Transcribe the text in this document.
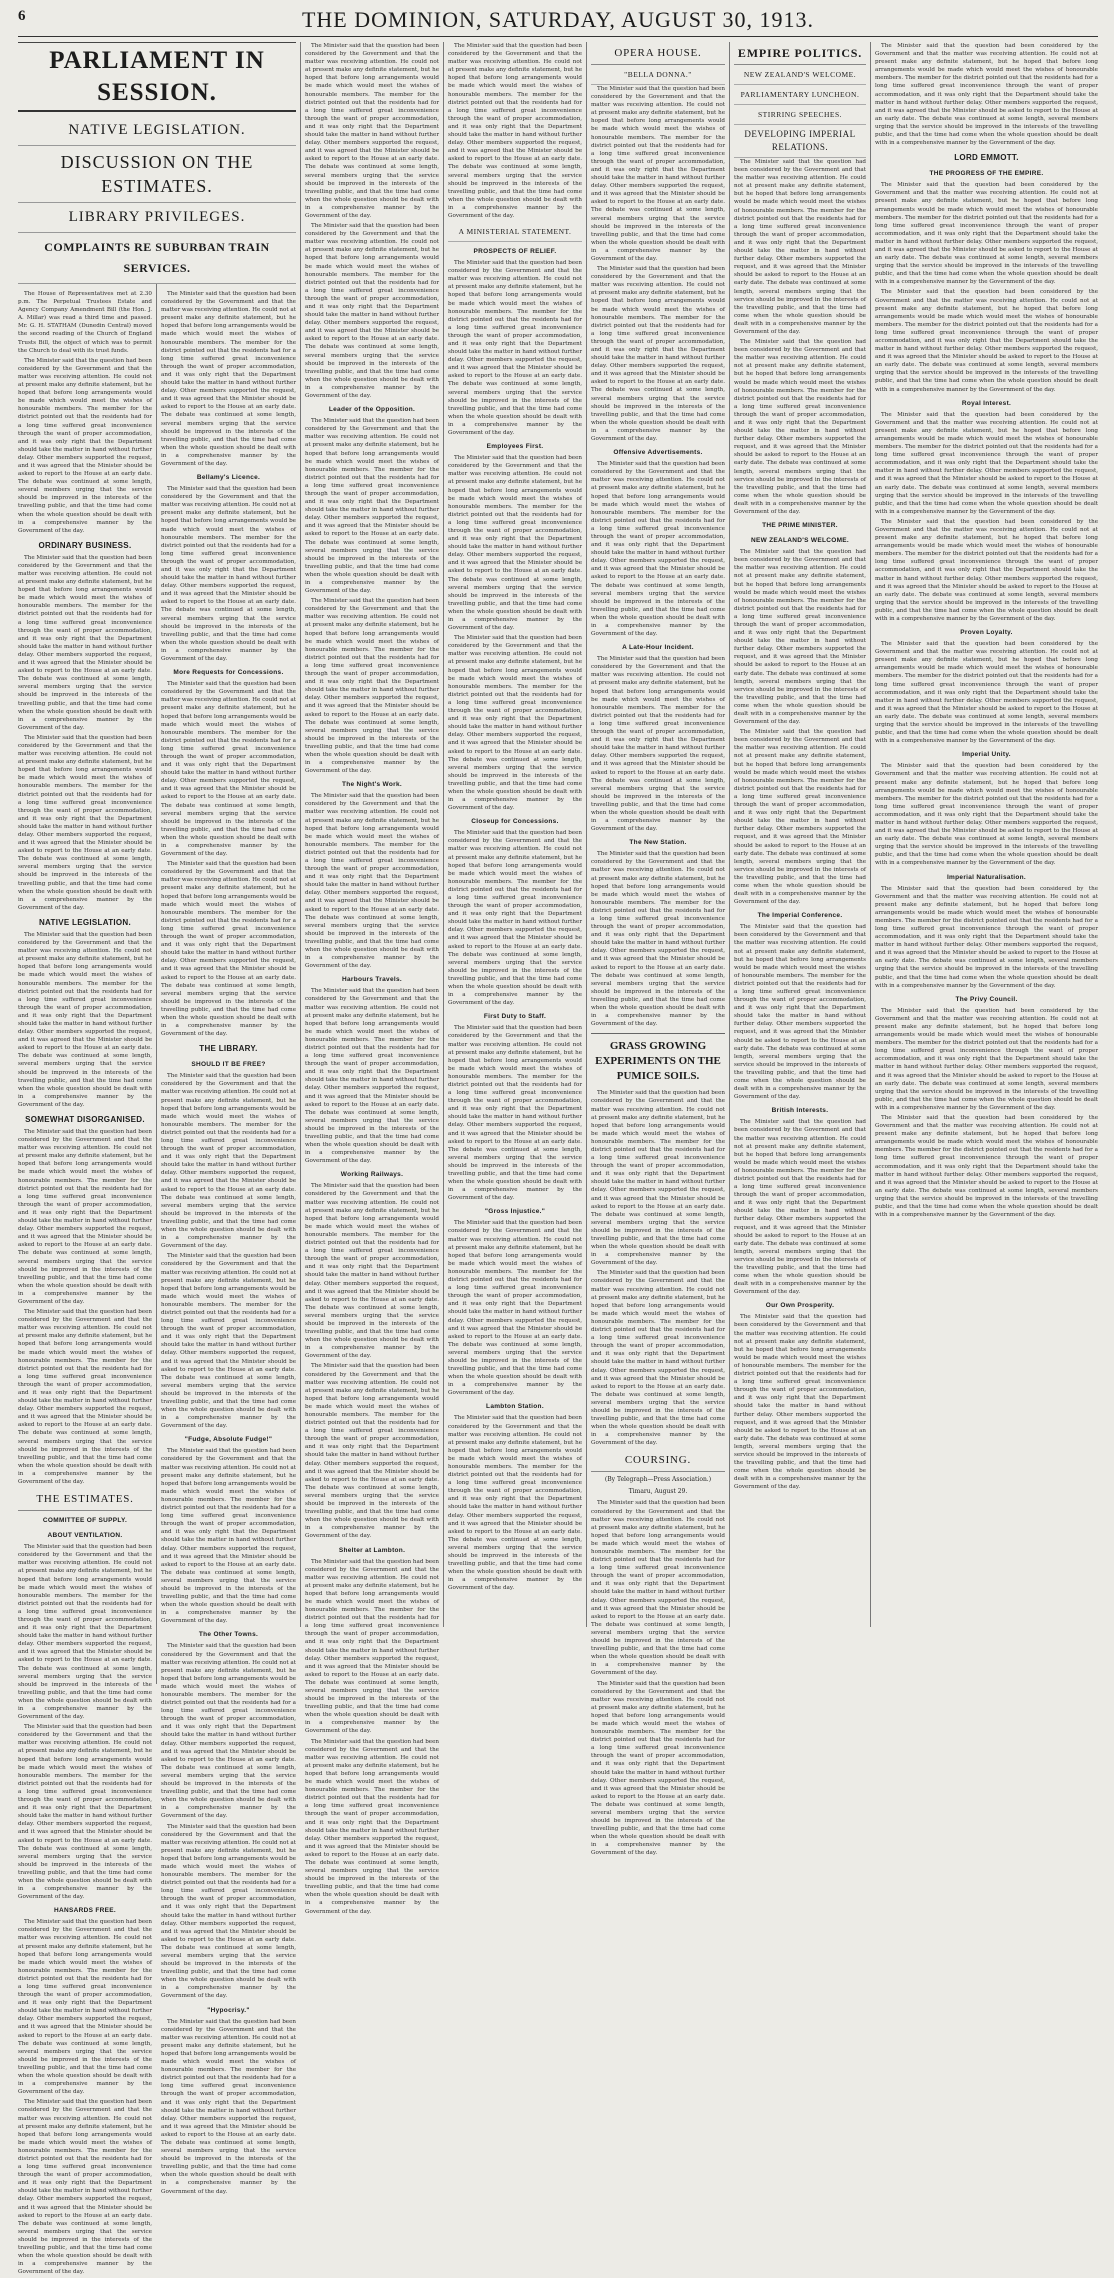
6	THE DOMINION, SATURDAY, AUGUST 30, 1913.
PARLIAMENT IN SESSION.
NATIVE LEGISLATION.
DISCUSSION ON THE ESTIMATES.
LIBRARY PRIVILEGES.
COMPLAINTS RE SUBURBAN TRAIN SERVICES.

The House of Representatives met at 2.30 p.m. The Perpetual Trustees Estate and Agency Company Amendment Bill (the Hon. J. A. Millar) was read a third time and passed. Mr. G. H. STATHAM (Dunedin Central) moved the second reading of the Church of England Trusts Bill, the object of which was to permit the Church to deal with its trust funds.

The Minister said that the question had been considered by the Government and that the matter was receiving attention. He could not at present make any definite statement, but he hoped that before long arrangements would be made which would meet the wishes of honourable members. The member for the district pointed out that the residents had for a long time suffered great inconvenience through the want of proper accommodation, and it was only right that the Department should take the matter in hand without further delay. Other members supported the request, and it was agreed that the Minister should be asked to report to the House at an early date. The debate was continued at some length, several members urging that the service should be improved in the interests of the travelling public, and that the time had come when the whole question should be dealt with in a comprehensive manner by the Government of the day.

ORDINARY BUSINESS.

The Minister said that the question had been considered by the Government and that the matter was receiving attention. He could not at present make any definite statement, but he hoped that before long arrangements would be made which would meet the wishes of honourable members. The member for the district pointed out that the residents had for a long time suffered great inconvenience through the want of proper accommodation, and it was only right that the Department should take the matter in hand without further delay. Other members supported the request, and it was agreed that the Minister should be asked to report to the House at an early date. The debate was continued at some length, several members urging that the service should be improved in the interests of the travelling public, and that the time had come when the whole question should be dealt with in a comprehensive manner by the Government of the day.

The Minister said that the question had been considered by the Government and that the matter was receiving attention. He could not at present make any definite statement, but he hoped that before long arrangements would be made which would meet the wishes of honourable members. The member for the district pointed out that the residents had for a long time suffered great inconvenience through the want of proper accommodation, and it was only right that the Department should take the matter in hand without further delay. Other members supported the request, and it was agreed that the Minister should be asked to report to the House at an early date. The debate was continued at some length, several members urging that the service should be improved in the interests of the travelling public, and that the time had come when the whole question should be dealt with in a comprehensive manner by the Government of the day.

NATIVE LEGISLATION.

The Minister said that the question had been considered by the Government and that the matter was receiving attention. He could not at present make any definite statement, but he hoped that before long arrangements would be made which would meet the wishes of honourable members. The member for the district pointed out that the residents had for a long time suffered great inconvenience through the want of proper accommodation, and it was only right that the Department should take the matter in hand without further delay. Other members supported the request, and it was agreed that the Minister should be asked to report to the House at an early date. The debate was continued at some length, several members urging that the service should be improved in the interests of the travelling public, and that the time had come when the whole question should be dealt with in a comprehensive manner by the Government of the day.

SOMEWHAT DISORGANISED.

The Minister said that the question had been considered by the Government and that the matter was receiving attention. He could not at present make any definite statement, but he hoped that before long arrangements would be made which would meet the wishes of honourable members. The member for the district pointed out that the residents had for a long time suffered great inconvenience through the want of proper accommodation, and it was only right that the Department should take the matter in hand without further delay. Other members supported the request, and it was agreed that the Minister should be asked to report to the House at an early date. The debate was continued at some length, several members urging that the service should be improved in the interests of the travelling public, and that the time had come when the whole question should be dealt with in a comprehensive manner by the Government of the day.

The Minister said that the question had been considered by the Government and that the matter was receiving attention. He could not at present make any definite statement, but he hoped that before long arrangements would be made which would meet the wishes of honourable members. The member for the district pointed out that the residents had for a long time suffered great inconvenience through the want of proper accommodation, and it was only right that the Department should take the matter in hand without further delay. Other members supported the request, and it was agreed that the Minister should be asked to report to the House at an early date. The debate was continued at some length, several members urging that the service should be improved in the interests of the travelling public, and that the time had come when the whole question should be dealt with in a comprehensive manner by the Government of the day.

THE ESTIMATES.
COMMITTEE OF SUPPLY.
ABOUT VENTILATION.

The Minister said that the question had been considered by the Government and that the matter was receiving attention. He could not at present make any definite statement, but he hoped that before long arrangements would be made which would meet the wishes of honourable members. The member for the district pointed out that the residents had for a long time suffered great inconvenience through the want of proper accommodation, and it was only right that the Department should take the matter in hand without further delay. Other members supported the request, and it was agreed that the Minister should be asked to report to the House at an early date. The debate was continued at some length, several members urging that the service should be improved in the interests of the travelling public, and that the time had come when the whole question should be dealt with in a comprehensive manner by the Government of the day.

The Minister said that the question had been considered by the Government and that the matter was receiving attention. He could not at present make any definite statement, but he hoped that before long arrangements would be made which would meet the wishes of honourable members. The member for the district pointed out that the residents had for a long time suffered great inconvenience through the want of proper accommodation, and it was only right that the Department should take the matter in hand without further delay. Other members supported the request, and it was agreed that the Minister should be asked to report to the House at an early date. The debate was continued at some length, several members urging that the service should be improved in the interests of the travelling public, and that the time had come when the whole question should be dealt with in a comprehensive manner by the Government of the day.

HANSARDS FREE.

The Minister said that the question had been considered by the Government and that the matter was receiving attention. He could not at present make any definite statement, but he hoped that before long arrangements would be made which would meet the wishes of honourable members. The member for the district pointed out that the residents had for a long time suffered great inconvenience through the want of proper accommodation, and it was only right that the Department should take the matter in hand without further delay. Other members supported the request, and it was agreed that the Minister should be asked to report to the House at an early date. The debate was continued at some length, several members urging that the service should be improved in the interests of the travelling public, and that the time had come when the whole question should be dealt with in a comprehensive manner by the Government of the day.

The Minister said that the question had been considered by the Government and that the matter was receiving attention. He could not at present make any definite statement, but he hoped that before long arrangements would be made which would meet the wishes of honourable members. The member for the district pointed out that the residents had for a long time suffered great inconvenience through the want of proper accommodation, and it was only right that the Department should take the matter in hand without further delay. Other members supported the request, and it was agreed that the Minister should be asked to report to the House at an early date. The debate was continued at some length, several members urging that the service should be improved in the interests of the travelling public, and that the time had come when the whole question should be dealt with in a comprehensive manner by the Government of the day.

The Minister said that the question had been considered by the Government and that the matter was receiving attention. He could not at present make any definite statement, but he hoped that before long arrangements would be made which would meet the wishes of honourable members. The member for the district pointed out that the residents had for a long time suffered great inconvenience through the want of proper accommodation, and it was only right that the Department should take the matter in hand without further delay. Other members supported the request, and it was agreed that the Minister should be asked to report to the House at an early date. The debate was continued at some length, several members urging that the service should be improved in the interests of the travelling public, and that the time had come when the whole question should be dealt with in a comprehensive manner by the Government of the day.

Bellamy's Licence.

The Minister said that the question had been considered by the Government and that the matter was receiving attention. He could not at present make any definite statement, but he hoped that before long arrangements would be made which would meet the wishes of honourable members. The member for the district pointed out that the residents had for a long time suffered great inconvenience through the want of proper accommodation, and it was only right that the Department should take the matter in hand without further delay. Other members supported the request, and it was agreed that the Minister should be asked to report to the House at an early date. The debate was continued at some length, several members urging that the service should be improved in the interests of the travelling public, and that the time had come when the whole question should be dealt with in a comprehensive manner by the Government of the day.

More Requests for Concessions.

The Minister said that the question had been considered by the Government and that the matter was receiving attention. He could not at present make any definite statement, but he hoped that before long arrangements would be made which would meet the wishes of honourable members. The member for the district pointed out that the residents had for a long time suffered great inconvenience through the want of proper accommodation, and it was only right that the Department should take the matter in hand without further delay. Other members supported the request, and it was agreed that the Minister should be asked to report to the House at an early date. The debate was continued at some length, several members urging that the service should be improved in the interests of the travelling public, and that the time had come when the whole question should be dealt with in a comprehensive manner by the Government of the day.

The Minister said that the question had been considered by the Government and that the matter was receiving attention. He could not at present make any definite statement, but he hoped that before long arrangements would be made which would meet the wishes of honourable members. The member for the district pointed out that the residents had for a long time suffered great inconvenience through the want of proper accommodation, and it was only right that the Department should take the matter in hand without further delay. Other members supported the request, and it was agreed that the Minister should be asked to report to the House at an early date. The debate was continued at some length, several members urging that the service should be improved in the interests of the travelling public, and that the time had come when the whole question should be dealt with in a comprehensive manner by the Government of the day.

THE LIBRARY.
SHOULD IT BE FREE?

The Minister said that the question had been considered by the Government and that the matter was receiving attention. He could not at present make any definite statement, but he hoped that before long arrangements would be made which would meet the wishes of honourable members. The member for the district pointed out that the residents had for a long time suffered great inconvenience through the want of proper accommodation, and it was only right that the Department should take the matter in hand without further delay. Other members supported the request, and it was agreed that the Minister should be asked to report to the House at an early date. The debate was continued at some length, several members urging that the service should be improved in the interests of the travelling public, and that the time had come when the whole question should be dealt with in a comprehensive manner by the Government of the day.

The Minister said that the question had been considered by the Government and that the matter was receiving attention. He could not at present make any definite statement, but he hoped that before long arrangements would be made which would meet the wishes of honourable members. The member for the district pointed out that the residents had for a long time suffered great inconvenience through the want of proper accommodation, and it was only right that the Department should take the matter in hand without further delay. Other members supported the request, and it was agreed that the Minister should be asked to report to the House at an early date. The debate was continued at some length, several members urging that the service should be improved in the interests of the travelling public, and that the time had come when the whole question should be dealt with in a comprehensive manner by the Government of the day.

"Fudge, Absolute Fudge!"

The Minister said that the question had been considered by the Government and that the matter was receiving attention. He could not at present make any definite statement, but he hoped that before long arrangements would be made which would meet the wishes of honourable members. The member for the district pointed out that the residents had for a long time suffered great inconvenience through the want of proper accommodation, and it was only right that the Department should take the matter in hand without further delay. Other members supported the request, and it was agreed that the Minister should be asked to report to the House at an early date. The debate was continued at some length, several members urging that the service should be improved in the interests of the travelling public, and that the time had come when the whole question should be dealt with in a comprehensive manner by the Government of the day.

The Other Towns.

The Minister said that the question had been considered by the Government and that the matter was receiving attention. He could not at present make any definite statement, but he hoped that before long arrangements would be made which would meet the wishes of honourable members. The member for the district pointed out that the residents had for a long time suffered great inconvenience through the want of proper accommodation, and it was only right that the Department should take the matter in hand without further delay. Other members supported the request, and it was agreed that the Minister should be asked to report to the House at an early date. The debate was continued at some length, several members urging that the service should be improved in the interests of the travelling public, and that the time had come when the whole question should be dealt with in a comprehensive manner by the Government of the day.

The Minister said that the question had been considered by the Government and that the matter was receiving attention. He could not at present make any definite statement, but he hoped that before long arrangements would be made which would meet the wishes of honourable members. The member for the district pointed out that the residents had for a long time suffered great inconvenience through the want of proper accommodation, and it was only right that the Department should take the matter in hand without further delay. Other members supported the request, and it was agreed that the Minister should be asked to report to the House at an early date. The debate was continued at some length, several members urging that the service should be improved in the interests of the travelling public, and that the time had come when the whole question should be dealt with in a comprehensive manner by the Government of the day.

"Hypocrisy."

The Minister said that the question had been considered by the Government and that the matter was receiving attention. He could not at present make any definite statement, but he hoped that before long arrangements would be made which would meet the wishes of honourable members. The member for the district pointed out that the residents had for a long time suffered great inconvenience through the want of proper accommodation, and it was only right that the Department should take the matter in hand without further delay. Other members supported the request, and it was agreed that the Minister should be asked to report to the House at an early date. The debate was continued at some length, several members urging that the service should be improved in the interests of the travelling public, and that the time had come when the whole question should be dealt with in a comprehensive manner by the Government of the day.

The Minister said that the question had been considered by the Government and that the matter was receiving attention. He could not at present make any definite statement, but he hoped that before long arrangements would be made which would meet the wishes of honourable members. The member for the district pointed out that the residents had for a long time suffered great inconvenience through the want of proper accommodation, and it was only right that the Department should take the matter in hand without further delay. Other members supported the request, and it was agreed that the Minister should be asked to report to the House at an early date. The debate was continued at some length, several members urging that the service should be improved in the interests of the travelling public, and that the time had come when the whole question should be dealt with in a comprehensive manner by the Government of the day.

The Minister said that the question had been considered by the Government and that the matter was receiving attention. He could not at present make any definite statement, but he hoped that before long arrangements would be made which would meet the wishes of honourable members. The member for the district pointed out that the residents had for a long time suffered great inconvenience through the want of proper accommodation, and it was only right that the Department should take the matter in hand without further delay. Other members supported the request, and it was agreed that the Minister should be asked to report to the House at an early date. The debate was continued at some length, several members urging that the service should be improved in the interests of the travelling public, and that the time had come when the whole question should be dealt with in a comprehensive manner by the Government of the day.

Leader of the Opposition.

The Minister said that the question had been considered by the Government and that the matter was receiving attention. He could not at present make any definite statement, but he hoped that before long arrangements would be made which would meet the wishes of honourable members. The member for the district pointed out that the residents had for a long time suffered great inconvenience through the want of proper accommodation, and it was only right that the Department should take the matter in hand without further delay. Other members supported the request, and it was agreed that the Minister should be asked to report to the House at an early date. The debate was continued at some length, several members urging that the service should be improved in the interests of the travelling public, and that the time had come when the whole question should be dealt with in a comprehensive manner by the Government of the day.

The Minister said that the question had been considered by the Government and that the matter was receiving attention. He could not at present make any definite statement, but he hoped that before long arrangements would be made which would meet the wishes of honourable members. The member for the district pointed out that the residents had for a long time suffered great inconvenience through the want of proper accommodation, and it was only right that the Department should take the matter in hand without further delay. Other members supported the request, and it was agreed that the Minister should be asked to report to the House at an early date. The debate was continued at some length, several members urging that the service should be improved in the interests of the travelling public, and that the time had come when the whole question should be dealt with in a comprehensive manner by the Government of the day.

The Night's Work.

The Minister said that the question had been considered by the Government and that the matter was receiving attention. He could not at present make any definite statement, but he hoped that before long arrangements would be made which would meet the wishes of honourable members. The member for the district pointed out that the residents had for a long time suffered great inconvenience through the want of proper accommodation, and it was only right that the Department should take the matter in hand without further delay. Other members supported the request, and it was agreed that the Minister should be asked to report to the House at an early date. The debate was continued at some length, several members urging that the service should be improved in the interests of the travelling public, and that the time had come when the whole question should be dealt with in a comprehensive manner by the Government of the day.

Harbours Travels.

The Minister said that the question had been considered by the Government and that the matter was receiving attention. He could not at present make any definite statement, but he hoped that before long arrangements would be made which would meet the wishes of honourable members. The member for the district pointed out that the residents had for a long time suffered great inconvenience through the want of proper accommodation, and it was only right that the Department should take the matter in hand without further delay. Other members supported the request, and it was agreed that the Minister should be asked to report to the House at an early date. The debate was continued at some length, several members urging that the service should be improved in the interests of the travelling public, and that the time had come when the whole question should be dealt with in a comprehensive manner by the Government of the day.

Working Railways.

The Minister said that the question had been considered by the Government and that the matter was receiving attention. He could not at present make any definite statement, but he hoped that before long arrangements would be made which would meet the wishes of honourable members. The member for the district pointed out that the residents had for a long time suffered great inconvenience through the want of proper accommodation, and it was only right that the Department should take the matter in hand without further delay. Other members supported the request, and it was agreed that the Minister should be asked to report to the House at an early date. The debate was continued at some length, several members urging that the service should be improved in the interests of the travelling public, and that the time had come when the whole question should be dealt with in a comprehensive manner by the Government of the day.

The Minister said that the question had been considered by the Government and that the matter was receiving attention. He could not at present make any definite statement, but he hoped that before long arrangements would be made which would meet the wishes of honourable members. The member for the district pointed out that the residents had for a long time suffered great inconvenience through the want of proper accommodation, and it was only right that the Department should take the matter in hand without further delay. Other members supported the request, and it was agreed that the Minister should be asked to report to the House at an early date. The debate was continued at some length, several members urging that the service should be improved in the interests of the travelling public, and that the time had come when the whole question should be dealt with in a comprehensive manner by the Government of the day.

Shelter at Lambton.

The Minister said that the question had been considered by the Government and that the matter was receiving attention. He could not at present make any definite statement, but he hoped that before long arrangements would be made which would meet the wishes of honourable members. The member for the district pointed out that the residents had for a long time suffered great inconvenience through the want of proper accommodation, and it was only right that the Department should take the matter in hand without further delay. Other members supported the request, and it was agreed that the Minister should be asked to report to the House at an early date. The debate was continued at some length, several members urging that the service should be improved in the interests of the travelling public, and that the time had come when the whole question should be dealt with in a comprehensive manner by the Government of the day.

The Minister said that the question had been considered by the Government and that the matter was receiving attention. He could not at present make any definite statement, but he hoped that before long arrangements would be made which would meet the wishes of honourable members. The member for the district pointed out that the residents had for a long time suffered great inconvenience through the want of proper accommodation, and it was only right that the Department should take the matter in hand without further delay. Other members supported the request, and it was agreed that the Minister should be asked to report to the House at an early date. The debate was continued at some length, several members urging that the service should be improved in the interests of the travelling public, and that the time had come when the whole question should be dealt with in a comprehensive manner by the Government of the day.

The Minister said that the question had been considered by the Government and that the matter was receiving attention. He could not at present make any definite statement, but he hoped that before long arrangements would be made which would meet the wishes of honourable members. The member for the district pointed out that the residents had for a long time suffered great inconvenience through the want of proper accommodation, and it was only right that the Department should take the matter in hand without further delay. Other members supported the request, and it was agreed that the Minister should be asked to report to the House at an early date. The debate was continued at some length, several members urging that the service should be improved in the interests of the travelling public, and that the time had come when the whole question should be dealt with in a comprehensive manner by the Government of the day.

A MINISTERIAL STATEMENT.
PROSPECTS OF RELIEF.

The Minister said that the question had been considered by the Government and that the matter was receiving attention. He could not at present make any definite statement, but he hoped that before long arrangements would be made which would meet the wishes of honourable members. The member for the district pointed out that the residents had for a long time suffered great inconvenience through the want of proper accommodation, and it was only right that the Department should take the matter in hand without further delay. Other members supported the request, and it was agreed that the Minister should be asked to report to the House at an early date. The debate was continued at some length, several members urging that the service should be improved in the interests of the travelling public, and that the time had come when the whole question should be dealt with in a comprehensive manner by the Government of the day.

Employees First.

The Minister said that the question had been considered by the Government and that the matter was receiving attention. He could not at present make any definite statement, but he hoped that before long arrangements would be made which would meet the wishes of honourable members. The member for the district pointed out that the residents had for a long time suffered great inconvenience through the want of proper accommodation, and it was only right that the Department should take the matter in hand without further delay. Other members supported the request, and it was agreed that the Minister should be asked to report to the House at an early date. The debate was continued at some length, several members urging that the service should be improved in the interests of the travelling public, and that the time had come when the whole question should be dealt with in a comprehensive manner by the Government of the day.

The Minister said that the question had been considered by the Government and that the matter was receiving attention. He could not at present make any definite statement, but he hoped that before long arrangements would be made which would meet the wishes of honourable members. The member for the district pointed out that the residents had for a long time suffered great inconvenience through the want of proper accommodation, and it was only right that the Department should take the matter in hand without further delay. Other members supported the request, and it was agreed that the Minister should be asked to report to the House at an early date. The debate was continued at some length, several members urging that the service should be improved in the interests of the travelling public, and that the time had come when the whole question should be dealt with in a comprehensive manner by the Government of the day.

Closeup for Concessions.

The Minister said that the question had been considered by the Government and that the matter was receiving attention. He could not at present make any definite statement, but he hoped that before long arrangements would be made which would meet the wishes of honourable members. The member for the district pointed out that the residents had for a long time suffered great inconvenience through the want of proper accommodation, and it was only right that the Department should take the matter in hand without further delay. Other members supported the request, and it was agreed that the Minister should be asked to report to the House at an early date. The debate was continued at some length, several members urging that the service should be improved in the interests of the travelling public, and that the time had come when the whole question should be dealt with in a comprehensive manner by the Government of the day.

First Duty to Staff.

The Minister said that the question had been considered by the Government and that the matter was receiving attention. He could not at present make any definite statement, but he hoped that before long arrangements would be made which would meet the wishes of honourable members. The member for the district pointed out that the residents had for a long time suffered great inconvenience through the want of proper accommodation, and it was only right that the Department should take the matter in hand without further delay. Other members supported the request, and it was agreed that the Minister should be asked to report to the House at an early date. The debate was continued at some length, several members urging that the service should be improved in the interests of the travelling public, and that the time had come when the whole question should be dealt with in a comprehensive manner by the Government of the day.

"Gross Injustice."

The Minister said that the question had been considered by the Government and that the matter was receiving attention. He could not at present make any definite statement, but he hoped that before long arrangements would be made which would meet the wishes of honourable members. The member for the district pointed out that the residents had for a long time suffered great inconvenience through the want of proper accommodation, and it was only right that the Department should take the matter in hand without further delay. Other members supported the request, and it was agreed that the Minister should be asked to report to the House at an early date. The debate was continued at some length, several members urging that the service should be improved in the interests of the travelling public, and that the time had come when the whole question should be dealt with in a comprehensive manner by the Government of the day.

Lambton Station.

The Minister said that the question had been considered by the Government and that the matter was receiving attention. He could not at present make any definite statement, but he hoped that before long arrangements would be made which would meet the wishes of honourable members. The member for the district pointed out that the residents had for a long time suffered great inconvenience through the want of proper accommodation, and it was only right that the Department should take the matter in hand without further delay. Other members supported the request, and it was agreed that the Minister should be asked to report to the House at an early date. The debate was continued at some length, several members urging that the service should be improved in the interests of the travelling public, and that the time had come when the whole question should be dealt with in a comprehensive manner by the Government of the day.

OPERA HOUSE.
"BELLA DONNA."

The Minister said that the question had been considered by the Government and that the matter was receiving attention. He could not at present make any definite statement, but he hoped that before long arrangements would be made which would meet the wishes of honourable members. The member for the district pointed out that the residents had for a long time suffered great inconvenience through the want of proper accommodation, and it was only right that the Department should take the matter in hand without further delay. Other members supported the request, and it was agreed that the Minister should be asked to report to the House at an early date. The debate was continued at some length, several members urging that the service should be improved in the interests of the travelling public, and that the time had come when the whole question should be dealt with in a comprehensive manner by the Government of the day.

The Minister said that the question had been considered by the Government and that the matter was receiving attention. He could not at present make any definite statement, but he hoped that before long arrangements would be made which would meet the wishes of honourable members. The member for the district pointed out that the residents had for a long time suffered great inconvenience through the want of proper accommodation, and it was only right that the Department should take the matter in hand without further delay. Other members supported the request, and it was agreed that the Minister should be asked to report to the House at an early date. The debate was continued at some length, several members urging that the service should be improved in the interests of the travelling public, and that the time had come when the whole question should be dealt with in a comprehensive manner by the Government of the day.

Offensive Advertisements.

The Minister said that the question had been considered by the Government and that the matter was receiving attention. He could not at present make any definite statement, but he hoped that before long arrangements would be made which would meet the wishes of honourable members. The member for the district pointed out that the residents had for a long time suffered great inconvenience through the want of proper accommodation, and it was only right that the Department should take the matter in hand without further delay. Other members supported the request, and it was agreed that the Minister should be asked to report to the House at an early date. The debate was continued at some length, several members urging that the service should be improved in the interests of the travelling public, and that the time had come when the whole question should be dealt with in a comprehensive manner by the Government of the day.

A Late-Hour Incident.

The Minister said that the question had been considered by the Government and that the matter was receiving attention. He could not at present make any definite statement, but he hoped that before long arrangements would be made which would meet the wishes of honourable members. The member for the district pointed out that the residents had for a long time suffered great inconvenience through the want of proper accommodation, and it was only right that the Department should take the matter in hand without further delay. Other members supported the request, and it was agreed that the Minister should be asked to report to the House at an early date. The debate was continued at some length, several members urging that the service should be improved in the interests of the travelling public, and that the time had come when the whole question should be dealt with in a comprehensive manner by the Government of the day.

The New Station.

The Minister said that the question had been considered by the Government and that the matter was receiving attention. He could not at present make any definite statement, but he hoped that before long arrangements would be made which would meet the wishes of honourable members. The member for the district pointed out that the residents had for a long time suffered great inconvenience through the want of proper accommodation, and it was only right that the Department should take the matter in hand without further delay. Other members supported the request, and it was agreed that the Minister should be asked to report to the House at an early date. The debate was continued at some length, several members urging that the service should be improved in the interests of the travelling public, and that the time had come when the whole question should be dealt with in a comprehensive manner by the Government of the day.

GRASS GROWING EXPERIMENTS ON THE PUMICE SOILS.

The Minister said that the question had been considered by the Government and that the matter was receiving attention. He could not at present make any definite statement, but he hoped that before long arrangements would be made which would meet the wishes of honourable members. The member for the district pointed out that the residents had for a long time suffered great inconvenience through the want of proper accommodation, and it was only right that the Department should take the matter in hand without further delay. Other members supported the request, and it was agreed that the Minister should be asked to report to the House at an early date. The debate was continued at some length, several members urging that the service should be improved in the interests of the travelling public, and that the time had come when the whole question should be dealt with in a comprehensive manner by the Government of the day.

The Minister said that the question had been considered by the Government and that the matter was receiving attention. He could not at present make any definite statement, but he hoped that before long arrangements would be made which would meet the wishes of honourable members. The member for the district pointed out that the residents had for a long time suffered great inconvenience through the want of proper accommodation, and it was only right that the Department should take the matter in hand without further delay. Other members supported the request, and it was agreed that the Minister should be asked to report to the House at an early date. The debate was continued at some length, several members urging that the service should be improved in the interests of the travelling public, and that the time had come when the whole question should be dealt with in a comprehensive manner by the Government of the day.

COURSING.
(By Telegraph—Press Association.)
Timaru, August 29.

The Minister said that the question had been considered by the Government and that the matter was receiving attention. He could not at present make any definite statement, but he hoped that before long arrangements would be made which would meet the wishes of honourable members. The member for the district pointed out that the residents had for a long time suffered great inconvenience through the want of proper accommodation, and it was only right that the Department should take the matter in hand without further delay. Other members supported the request, and it was agreed that the Minister should be asked to report to the House at an early date. The debate was continued at some length, several members urging that the service should be improved in the interests of the travelling public, and that the time had come when the whole question should be dealt with in a comprehensive manner by the Government of the day.

The Minister said that the question had been considered by the Government and that the matter was receiving attention. He could not at present make any definite statement, but he hoped that before long arrangements would be made which would meet the wishes of honourable members. The member for the district pointed out that the residents had for a long time suffered great inconvenience through the want of proper accommodation, and it was only right that the Department should take the matter in hand without further delay. Other members supported the request, and it was agreed that the Minister should be asked to report to the House at an early date. The debate was continued at some length, several members urging that the service should be improved in the interests of the travelling public, and that the time had come when the whole question should be dealt with in a comprehensive manner by the Government of the day.

EMPIRE POLITICS.
NEW ZEALAND'S WELCOME.
PARLIAMENTARY LUNCHEON.
STIRRING SPEECHES.
DEVELOPING IMPERIAL RELATIONS.

The Minister said that the question had been considered by the Government and that the matter was receiving attention. He could not at present make any definite statement, but he hoped that before long arrangements would be made which would meet the wishes of honourable members. The member for the district pointed out that the residents had for a long time suffered great inconvenience through the want of proper accommodation, and it was only right that the Department should take the matter in hand without further delay. Other members supported the request, and it was agreed that the Minister should be asked to report to the House at an early date. The debate was continued at some length, several members urging that the service should be improved in the interests of the travelling public, and that the time had come when the whole question should be dealt with in a comprehensive manner by the Government of the day.

The Minister said that the question had been considered by the Government and that the matter was receiving attention. He could not at present make any definite statement, but he hoped that before long arrangements would be made which would meet the wishes of honourable members. The member for the district pointed out that the residents had for a long time suffered great inconvenience through the want of proper accommodation, and it was only right that the Department should take the matter in hand without further delay. Other members supported the request, and it was agreed that the Minister should be asked to report to the House at an early date. The debate was continued at some length, several members urging that the service should be improved in the interests of the travelling public, and that the time had come when the whole question should be dealt with in a comprehensive manner by the Government of the day.

THE PRIME MINISTER.
NEW ZEALAND'S WELCOME.

The Minister said that the question had been considered by the Government and that the matter was receiving attention. He could not at present make any definite statement, but he hoped that before long arrangements would be made which would meet the wishes of honourable members. The member for the district pointed out that the residents had for a long time suffered great inconvenience through the want of proper accommodation, and it was only right that the Department should take the matter in hand without further delay. Other members supported the request, and it was agreed that the Minister should be asked to report to the House at an early date. The debate was continued at some length, several members urging that the service should be improved in the interests of the travelling public, and that the time had come when the whole question should be dealt with in a comprehensive manner by the Government of the day.

The Minister said that the question had been considered by the Government and that the matter was receiving attention. He could not at present make any definite statement, but he hoped that before long arrangements would be made which would meet the wishes of honourable members. The member for the district pointed out that the residents had for a long time suffered great inconvenience through the want of proper accommodation, and it was only right that the Department should take the matter in hand without further delay. Other members supported the request, and it was agreed that the Minister should be asked to report to the House at an early date. The debate was continued at some length, several members urging that the service should be improved in the interests of the travelling public, and that the time had come when the whole question should be dealt with in a comprehensive manner by the Government of the day.

The Imperial Conference.

The Minister said that the question had been considered by the Government and that the matter was receiving attention. He could not at present make any definite statement, but he hoped that before long arrangements would be made which would meet the wishes of honourable members. The member for the district pointed out that the residents had for a long time suffered great inconvenience through the want of proper accommodation, and it was only right that the Department should take the matter in hand without further delay. Other members supported the request, and it was agreed that the Minister should be asked to report to the House at an early date. The debate was continued at some length, several members urging that the service should be improved in the interests of the travelling public, and that the time had come when the whole question should be dealt with in a comprehensive manner by the Government of the day.

British Interests.

The Minister said that the question had been considered by the Government and that the matter was receiving attention. He could not at present make any definite statement, but he hoped that before long arrangements would be made which would meet the wishes of honourable members. The member for the district pointed out that the residents had for a long time suffered great inconvenience through the want of proper accommodation, and it was only right that the Department should take the matter in hand without further delay. Other members supported the request, and it was agreed that the Minister should be asked to report to the House at an early date. The debate was continued at some length, several members urging that the service should be improved in the interests of the travelling public, and that the time had come when the whole question should be dealt with in a comprehensive manner by the Government of the day.

Our Own Prosperity.

The Minister said that the question had been considered by the Government and that the matter was receiving attention. He could not at present make any definite statement, but he hoped that before long arrangements would be made which would meet the wishes of honourable members. The member for the district pointed out that the residents had for a long time suffered great inconvenience through the want of proper accommodation, and it was only right that the Department should take the matter in hand without further delay. Other members supported the request, and it was agreed that the Minister should be asked to report to the House at an early date. The debate was continued at some length, several members urging that the service should be improved in the interests of the travelling public, and that the time had come when the whole question should be dealt with in a comprehensive manner by the Government of the day.

The Minister said that the question had been considered by the Government and that the matter was receiving attention. He could not at present make any definite statement, but he hoped that before long arrangements would be made which would meet the wishes of honourable members. The member for the district pointed out that the residents had for a long time suffered great inconvenience through the want of proper accommodation, and it was only right that the Department should take the matter in hand without further delay. Other members supported the request, and it was agreed that the Minister should be asked to report to the House at an early date. The debate was continued at some length, several members urging that the service should be improved in the interests of the travelling public, and that the time had come when the whole question should be dealt with in a comprehensive manner by the Government of the day.

LORD EMMOTT.
THE PROGRESS OF THE EMPIRE.

The Minister said that the question had been considered by the Government and that the matter was receiving attention. He could not at present make any definite statement, but he hoped that before long arrangements would be made which would meet the wishes of honourable members. The member for the district pointed out that the residents had for a long time suffered great inconvenience through the want of proper accommodation, and it was only right that the Department should take the matter in hand without further delay. Other members supported the request, and it was agreed that the Minister should be asked to report to the House at an early date. The debate was continued at some length, several members urging that the service should be improved in the interests of the travelling public, and that the time had come when the whole question should be dealt with in a comprehensive manner by the Government of the day.

The Minister said that the question had been considered by the Government and that the matter was receiving attention. He could not at present make any definite statement, but he hoped that before long arrangements would be made which would meet the wishes of honourable members. The member for the district pointed out that the residents had for a long time suffered great inconvenience through the want of proper accommodation, and it was only right that the Department should take the matter in hand without further delay. Other members supported the request, and it was agreed that the Minister should be asked to report to the House at an early date. The debate was continued at some length, several members urging that the service should be improved in the interests of the travelling public, and that the time had come when the whole question should be dealt with in a comprehensive manner by the Government of the day.

Royal Interest.

The Minister said that the question had been considered by the Government and that the matter was receiving attention. He could not at present make any definite statement, but he hoped that before long arrangements would be made which would meet the wishes of honourable members. The member for the district pointed out that the residents had for a long time suffered great inconvenience through the want of proper accommodation, and it was only right that the Department should take the matter in hand without further delay. Other members supported the request, and it was agreed that the Minister should be asked to report to the House at an early date. The debate was continued at some length, several members urging that the service should be improved in the interests of the travelling public, and that the time had come when the whole question should be dealt with in a comprehensive manner by the Government of the day.

The Minister said that the question had been considered by the Government and that the matter was receiving attention. He could not at present make any definite statement, but he hoped that before long arrangements would be made which would meet the wishes of honourable members. The member for the district pointed out that the residents had for a long time suffered great inconvenience through the want of proper accommodation, and it was only right that the Department should take the matter in hand without further delay. Other members supported the request, and it was agreed that the Minister should be asked to report to the House at an early date. The debate was continued at some length, several members urging that the service should be improved in the interests of the travelling public, and that the time had come when the whole question should be dealt with in a comprehensive manner by the Government of the day.

Proven Loyalty.

The Minister said that the question had been considered by the Government and that the matter was receiving attention. He could not at present make any definite statement, but he hoped that before long arrangements would be made which would meet the wishes of honourable members. The member for the district pointed out that the residents had for a long time suffered great inconvenience through the want of proper accommodation, and it was only right that the Department should take the matter in hand without further delay. Other members supported the request, and it was agreed that the Minister should be asked to report to the House at an early date. The debate was continued at some length, several members urging that the service should be improved in the interests of the travelling public, and that the time had come when the whole question should be dealt with in a comprehensive manner by the Government of the day.

Imperial Unity.

The Minister said that the question had been considered by the Government and that the matter was receiving attention. He could not at present make any definite statement, but he hoped that before long arrangements would be made which would meet the wishes of honourable members. The member for the district pointed out that the residents had for a long time suffered great inconvenience through the want of proper accommodation, and it was only right that the Department should take the matter in hand without further delay. Other members supported the request, and it was agreed that the Minister should be asked to report to the House at an early date. The debate was continued at some length, several members urging that the service should be improved in the interests of the travelling public, and that the time had come when the whole question should be dealt with in a comprehensive manner by the Government of the day.

Imperial Naturalisation.

The Minister said that the question had been considered by the Government and that the matter was receiving attention. He could not at present make any definite statement, but he hoped that before long arrangements would be made which would meet the wishes of honourable members. The member for the district pointed out that the residents had for a long time suffered great inconvenience through the want of proper accommodation, and it was only right that the Department should take the matter in hand without further delay. Other members supported the request, and it was agreed that the Minister should be asked to report to the House at an early date. The debate was continued at some length, several members urging that the service should be improved in the interests of the travelling public, and that the time had come when the whole question should be dealt with in a comprehensive manner by the Government of the day.

The Privy Council.

The Minister said that the question had been considered by the Government and that the matter was receiving attention. He could not at present make any definite statement, but he hoped that before long arrangements would be made which would meet the wishes of honourable members. The member for the district pointed out that the residents had for a long time suffered great inconvenience through the want of proper accommodation, and it was only right that the Department should take the matter in hand without further delay. Other members supported the request, and it was agreed that the Minister should be asked to report to the House at an early date. The debate was continued at some length, several members urging that the service should be improved in the interests of the travelling public, and that the time had come when the whole question should be dealt with in a comprehensive manner by the Government of the day.

The Minister said that the question had been considered by the Government and that the matter was receiving attention. He could not at present make any definite statement, but he hoped that before long arrangements would be made which would meet the wishes of honourable members. The member for the district pointed out that the residents had for a long time suffered great inconvenience through the want of proper accommodation, and it was only right that the Department should take the matter in hand without further delay. Other members supported the request, and it was agreed that the Minister should be asked to report to the House at an early date. The debate was continued at some length, several members urging that the service should be improved in the interests of the travelling public, and that the time had come when the whole question should be dealt with in a comprehensive manner by the Government of the day.
